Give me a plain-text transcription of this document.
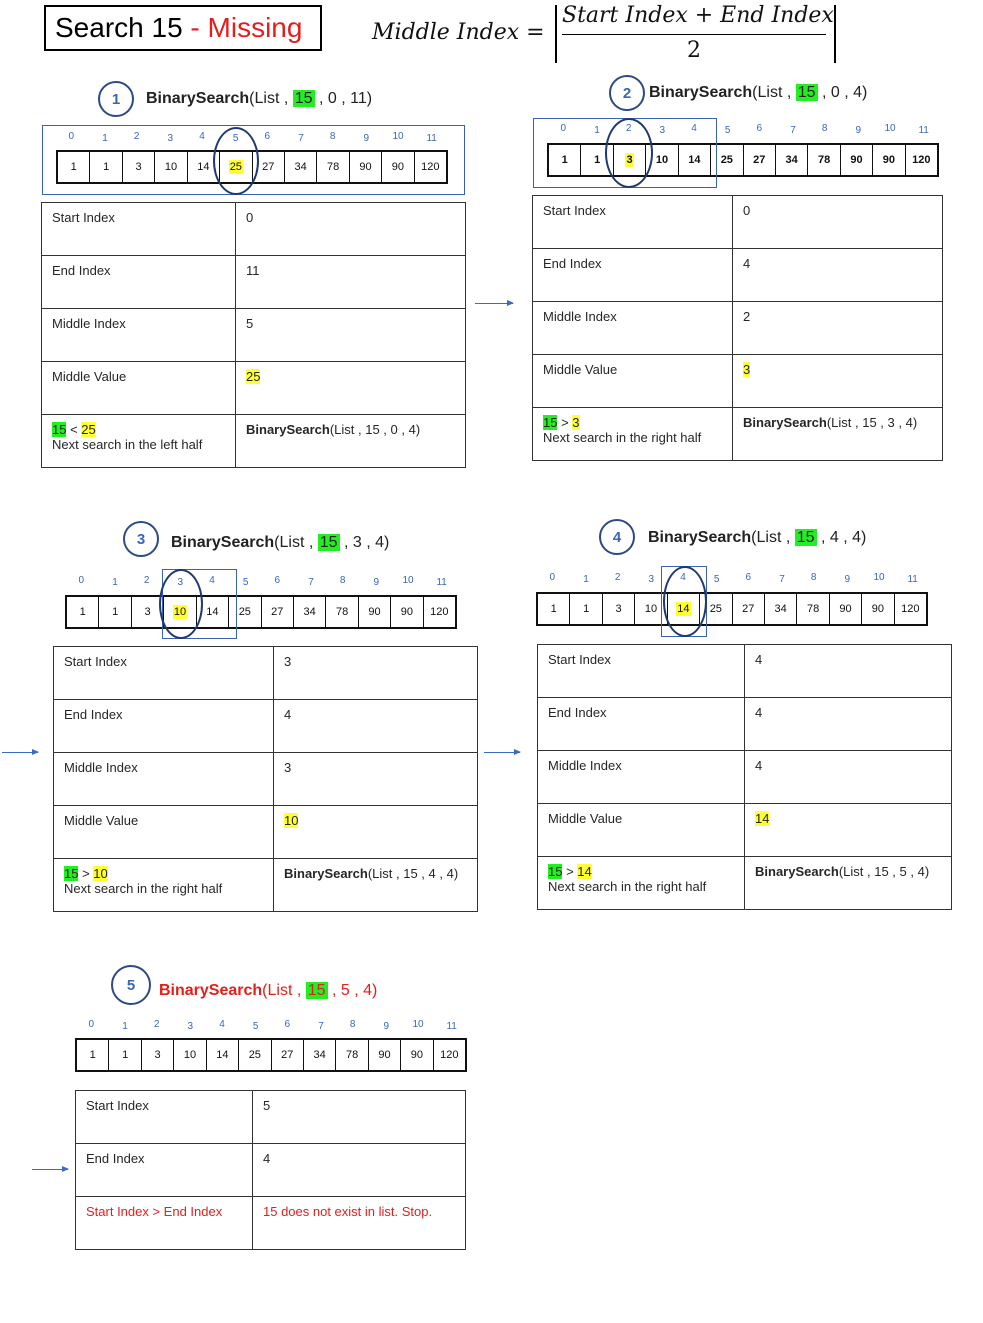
Search 15 - Missing	Middle Index =
Start Index + End Index
2
1	BinarySearch(List , 15 , 0 , 11)
0	1	2	3	4	5	6	7	8	9	10	11
1 1 3 10 14 25 27 34 78 90 90 120
Start Index	0
End Index	11
Middle Index	5
Middle Value	25
15 < 25
Next search in the left half	BinarySearch(List , 15 , 0 , 4)
2	BinarySearch(List , 15 , 0 , 4)
0	1	2	3	4	5	6	7	8	9	10	11
1 1 3 10 14 25 27 34 78 90 90 120
Start Index	0
End Index	4
Middle Index	2
Middle Value	3
15 > 3
Next search in the right half	BinarySearch(List , 15 , 3 , 4)
3	BinarySearch(List , 15 , 3 , 4)
0	1	2	3	4	5	6	7	8	9	10	11
1 1 3 10 14 25 27 34 78 90 90 120
Start Index	3
End Index	4
Middle Index	3
Middle Value	10
15 > 10
Next search in the right half	BinarySearch(List , 15 , 4 , 4)
4	BinarySearch(List , 15 , 4 , 4)
0	1	2	3	4	5	6	7	8	9	10	11
1 1 3 10 14 25 27 34 78 90 90 120
Start Index	4
End Index	4
Middle Index	4
Middle Value	14
15 > 14
Next search in the right half	BinarySearch(List , 15 , 5 , 4)
5	BinarySearch(List , 15 , 5 , 4)
0	1	2	3	4	5	6	7	8	9	10	11
1 1 3 10 14 25 27 34 78 90 90 120
Start Index	5
End Index	4
Start Index > End Index	15 does not exist in list. Stop.
